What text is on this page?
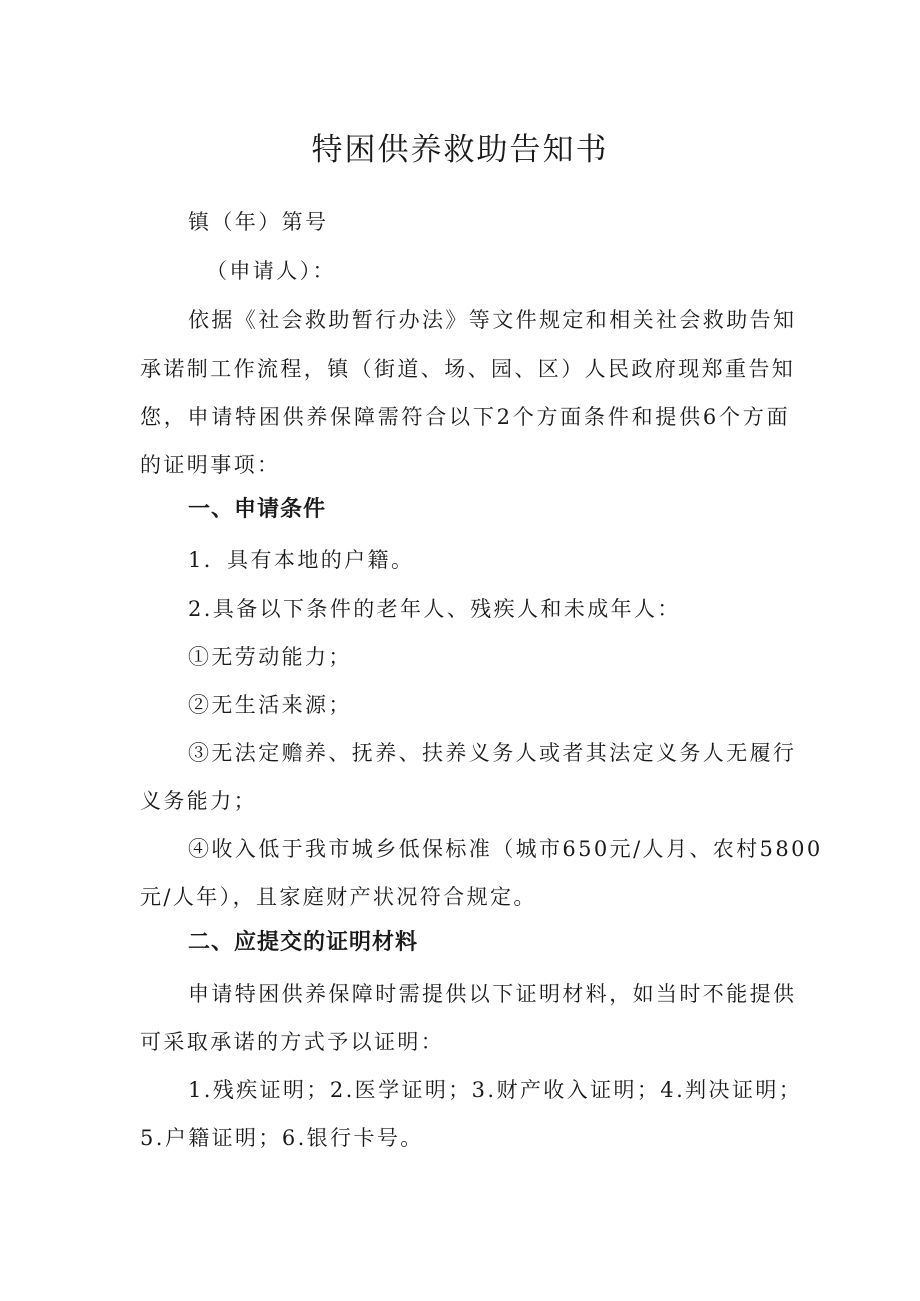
特困供养救助告知书
镇（年）第号
（申请人）：
依据《社会救助暂行办法》等文件规定和相关社会救助告知
承诺制工作流程，镇（街道、场、园、区）人民政府现郑重告知
您，申请特困供养保障需符合以下2个方面条件和提供6个方面
的证明事项：
一、申请条件
1．具有本地的户籍。
2.具备以下条件的老年人、残疾人和未成年人：
①无劳动能力；
②无生活来源；
③无法定赡养、抚养、扶养义务人或者其法定义务人无履行
义务能力；
④收入低于我市城乡低保标准（城市650元/人月、农村5800
元/人年），且家庭财产状况符合规定。
二、应提交的证明材料
申请特困供养保障时需提供以下证明材料，如当时不能提供
可采取承诺的方式予以证明：
1.残疾证明；2.医学证明；3.财产收入证明；4.判决证明；
5.户籍证明；6.银行卡号。
